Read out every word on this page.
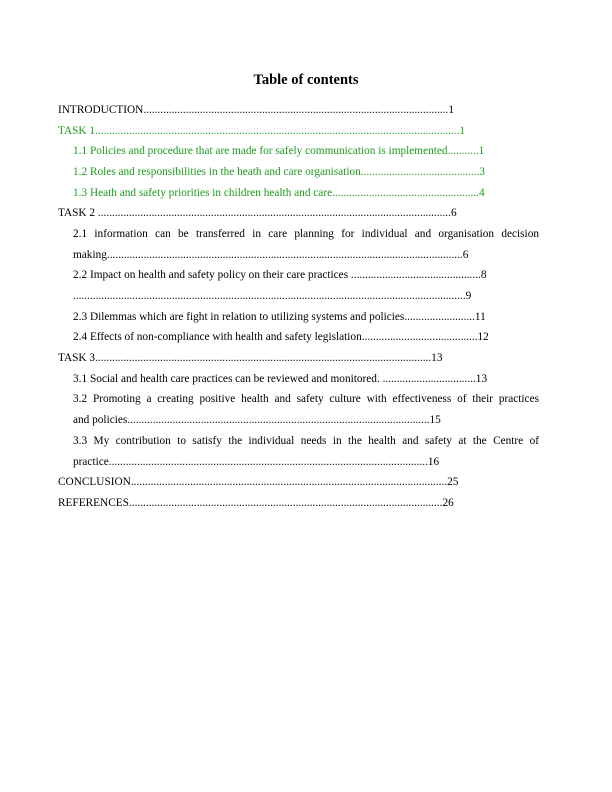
Table of contents
INTRODUCTION............................................................................................................1
TASK 1.................................................................................................................................1
1.1 Policies and procedure that are made for safely communication is implemented...........1
1.2 Roles and responsibilities in the heath and care organisation..........................................3
1.3 Heath and safety priorities in children health and care....................................................4
TASK 2 .............................................................................................................................6
2.1 information can be transferred in care planning for individual and organisation decision
making..............................................................................................................................6
2.2 Impact on health and safety policy on their care practices ..............................................8
...........................................................................................................................................9
2.3 Dilemmas which are fight in relation to utilizing systems and policies.........................11
2.4 Effects of non-compliance with health and safety legislation.........................................12
TASK 3.......................................................................................................................13
3.1 Social and health care practices can be reviewed and monitored. .................................13
3.2 Promoting a creating positive health and safety culture with effectiveness of their practices
and policies...........................................................................................................15
3.3 My contribution to satisfy the individual needs in the health and safety at the Centre of
practice.................................................................................................................16
CONCLUSION................................................................................................................25
REFERENCES...............................................................................................................26
